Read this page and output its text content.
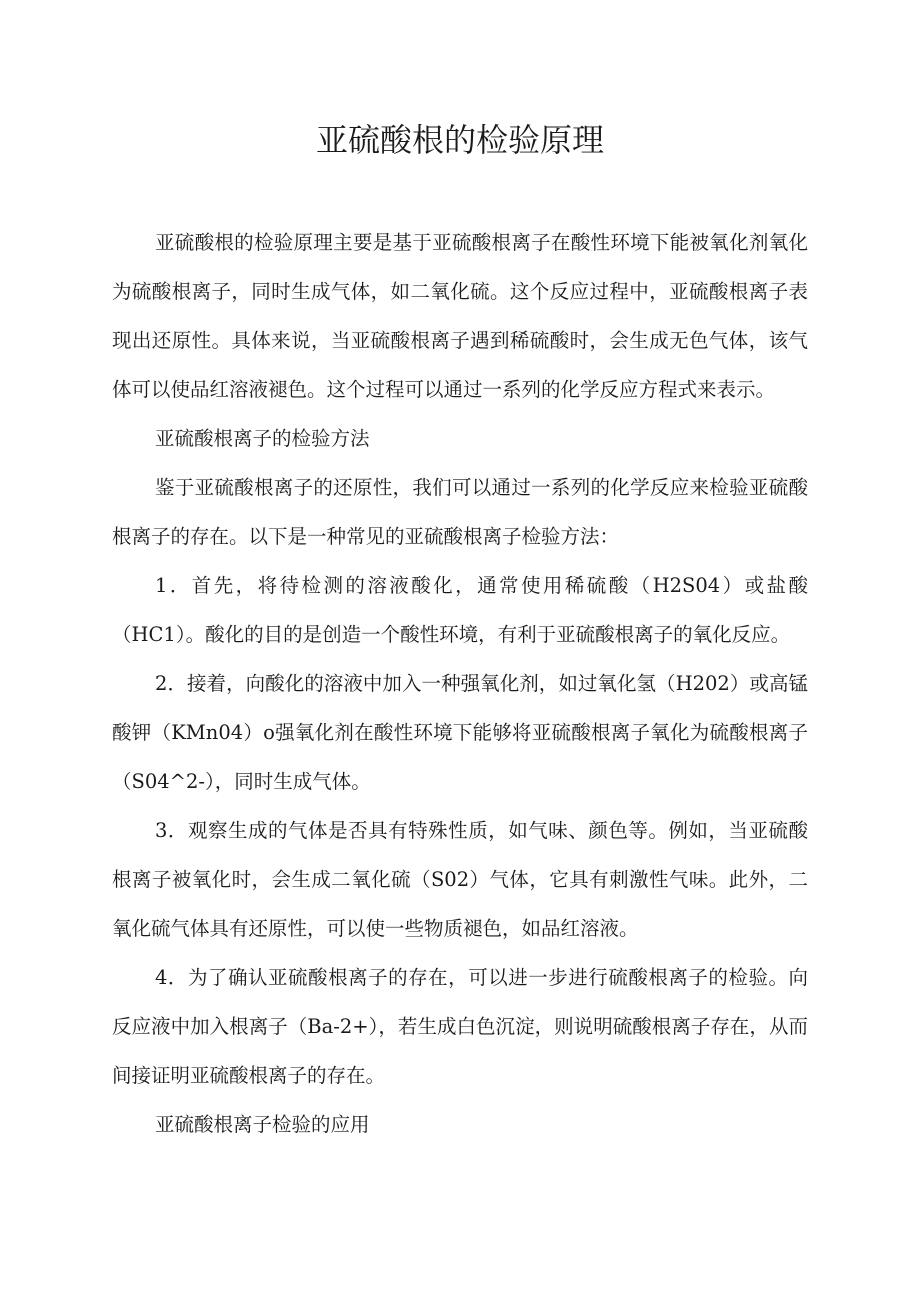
亚硫酸根的检验原理

亚硫酸根的检验原理主要是基于亚硫酸根离子在酸性环境下能被氧化剂氧化为硫酸根离子，同时生成气体，如二氧化硫。这个反应过程中，亚硫酸根离子表现出还原性。具体来说，当亚硫酸根离子遇到稀硫酸时，会生成无色气体，该气体可以使品红溶液褪色。这个过程可以通过一系列的化学反应方程式来表示。

亚硫酸根离子的检验方法

鉴于亚硫酸根离子的还原性，我们可以通过一系列的化学反应来检验亚硫酸根离子的存在。以下是一种常见的亚硫酸根离子检验方法：

1．首先，将待检测的溶液酸化，通常使用稀硫酸（H2S04）或盐酸（HC1）。酸化的目的是创造一个酸性环境，有利于亚硫酸根离子的氧化反应。

2．接着，向酸化的溶液中加入一种强氧化剂，如过氧化氢（H202）或高锰酸钾（KMn04）o强氧化剂在酸性环境下能够将亚硫酸根离子氧化为硫酸根离子（S04^2-），同时生成气体。

3．观察生成的气体是否具有特殊性质，如气味、颜色等。例如，当亚硫酸根离子被氧化时，会生成二氧化硫（S02）气体，它具有刺激性气味。此外，二氧化硫气体具有还原性，可以使一些物质褪色，如品红溶液。

4．为了确认亚硫酸根离子的存在，可以进一步进行硫酸根离子的检验。向反应液中加入根离子（Ba-2+），若生成白色沉淀，则说明硫酸根离子存在，从而间接证明亚硫酸根离子的存在。

亚硫酸根离子检验的应用
